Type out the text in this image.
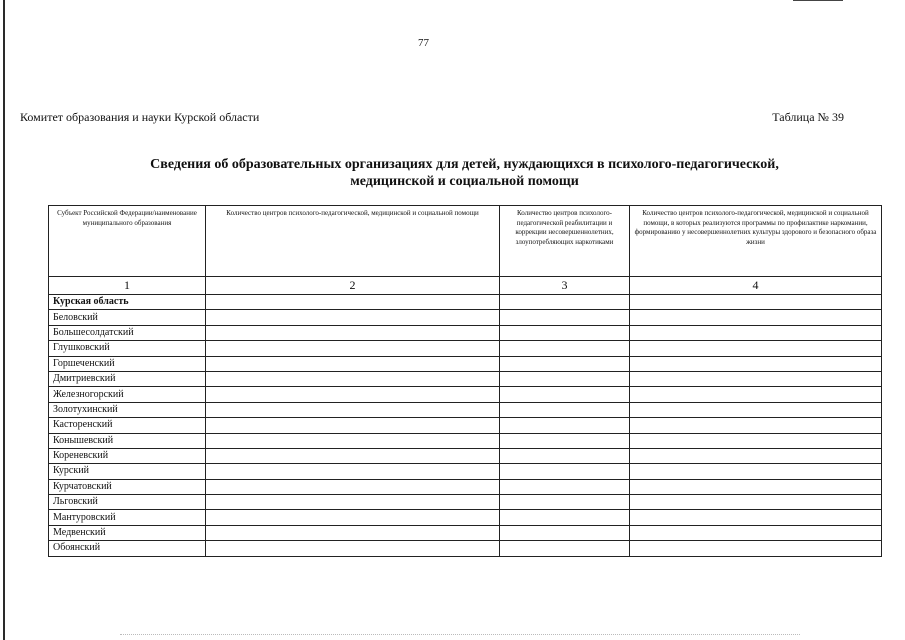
77
Комитет образования и науки Курской области	Таблица № 39
Сведения об образовательных организациях для детей, нуждающихся в психолого-педагогической,
медицинской и социальной помощи
Субъект Российской Федерации/наименование муниципального образования	Количество центров психолого-педагогической, медицинской и социальной помощи	Количество центров психолого-педагогической реабилитации и коррекции несовершеннолетних, злоупотребляющих наркотиками	Количество центров психолого-педагогической, медицинской и социальной помощи, в которых реализуются программы по профилактике наркомании, формированию у несовершеннолетних культуры здорового и безопасного образа жизни
1	2	3	4
Курская область			
Беловский			
Большесолдатский			
Глушковский			
Горшеченский			
Дмитриевский			
Железногорский			
Золотухинский			
Касторенский			
Конышевский			
Кореневский			
Курский			
Курчатовский			
Льговский			
Мантуровский			
Медвенский			
Обоянский			
